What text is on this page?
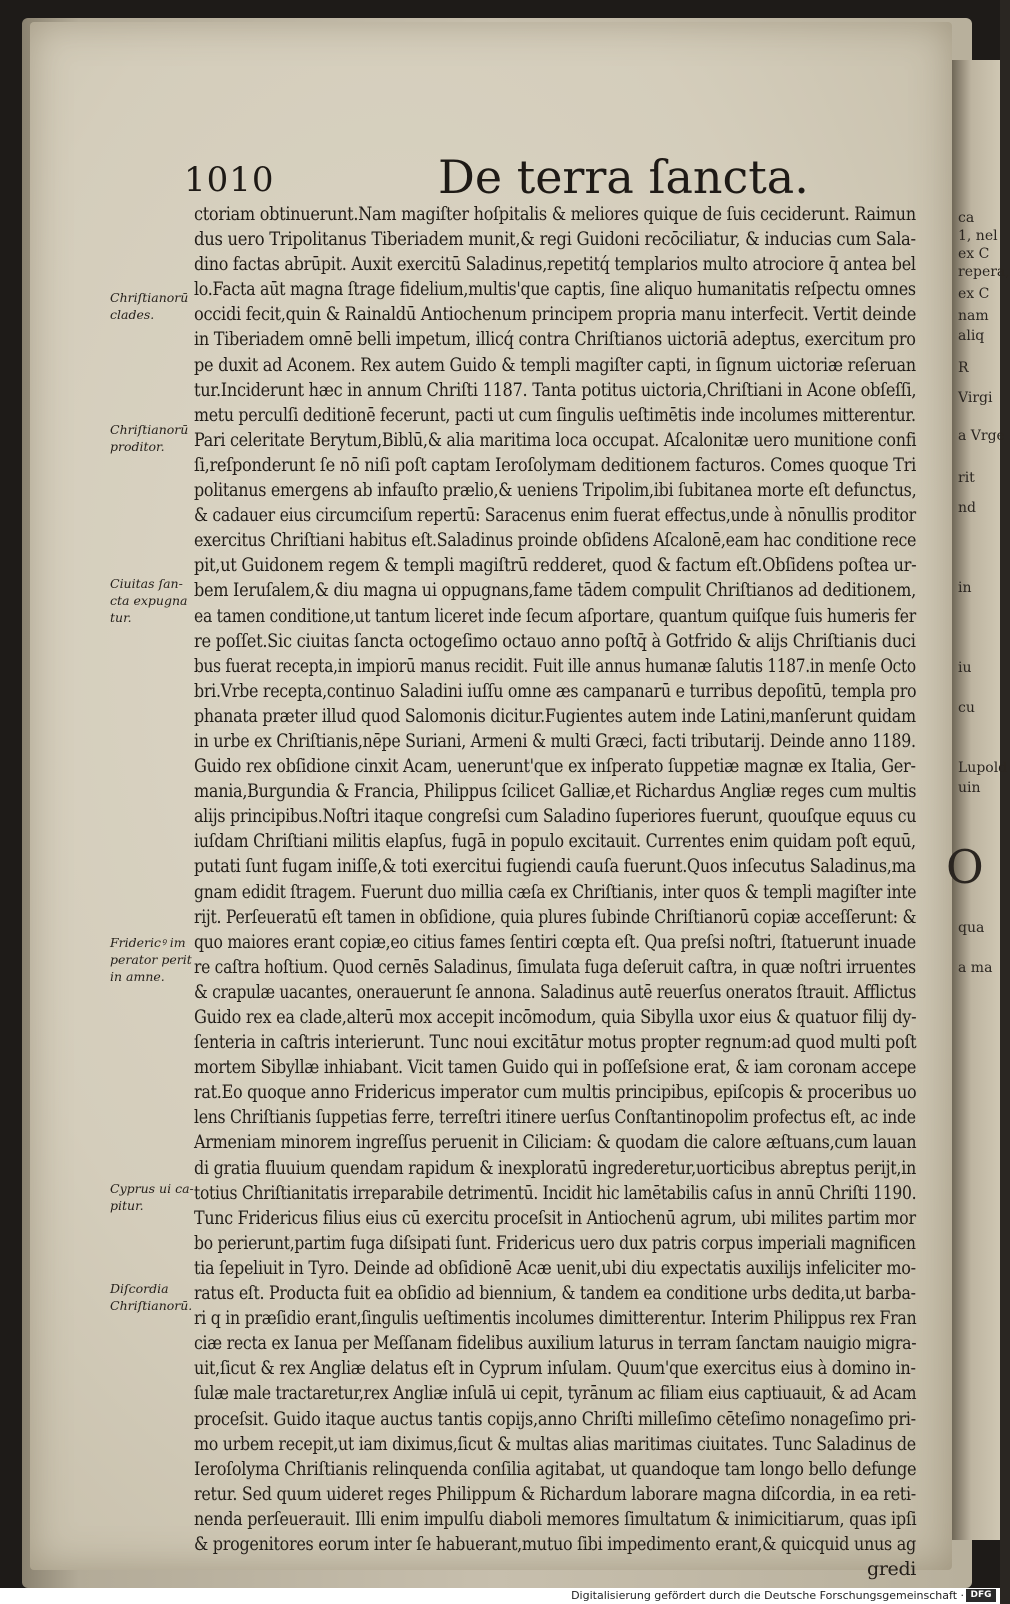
1010	De terra ſancta.
ctoriam obtinuerunt.Nam magiſter hoſpitalis & meliores quique de ſuis ceciderunt. Raimun
dus uero Tripolitanus Tiberiadem munit,& regi Guidoni recōciliatur, & inducias cum Sala-
dino factas abrūpit. Auxit exercitū Saladinus,repetitq́ templarios multo atrociore q̄ antea bel
lo.Facta aūt magna ſtrage fidelium,multis'que captis, ſine aliquo humanitatis reſpectu omnes
occidi fecit,quin & Rainaldū Antiochenum principem propria manu interfecit. Vertit deinde
in Tiberiadem omnē belli impetum, illicq́ contra Chriſtianos uictoriā adeptus, exercitum pro
pe duxit ad Aconem. Rex autem Guido & templi magiſter capti, in ſignum uictoriæ reſeruan
tur.Inciderunt hæc in annum Chriſti 1187. Tanta potitus uictoria,Chriſtiani in Acone obſeſſi,
metu perculſi deditionē fecerunt, pacti ut cum ſingulis ueſtimētis inde incolumes mitterentur.
Pari celeritate Berytum,Biblū,& alia maritima loca occupat. Aſcalonitæ uero munitione confi
ſi,reſponderunt ſe nō niſi poſt captam Ieroſolymam deditionem facturos. Comes quoque Tri
politanus emergens ab infauſto prælio,& ueniens Tripolim,ibi ſubitanea morte eſt defunctus,
& cadauer eius circumciſum repertū: Saracenus enim fuerat effectus,unde à nōnullis proditor
exercitus Chriſtiani habitus eſt.Saladinus proinde obſidens Aſcalonē,eam hac conditione rece
pit,ut Guidonem regem & templi magiſtrū redderet, quod & factum eſt.Obſidens poſtea ur-
bem Ieruſalem,& diu magna ui oppugnans,fame tādem compulit Chriſtianos ad deditionem,
ea tamen conditione,ut tantum liceret inde ſecum aſportare, quantum quiſque ſuis humeris fer
re poſſet.Sic ciuitas ſancta octogeſimo octauo anno poſtq̄ à Gotfrido & alijs Chriſtianis duci
bus fuerat recepta,in impiorū manus recidit. Fuit ille annus humanæ ſalutis 1187.in menſe Octo
bri.Vrbe recepta,continuo Saladini iuſſu omne æs campanarū e turribus depoſitū, templa pro
phanata præter illud quod Salomonis dicitur.Fugientes autem inde Latini,manſerunt quidam
in urbe ex Chriſtianis,nēpe Suriani, Armeni & multi Græci, facti tributarij. Deinde anno 1189.
Guido rex obſidione cinxit Acam, uenerunt'que ex inſperato ſuppetiæ magnæ ex Italia, Ger-
mania,Burgundia & Francia, Philippus ſcilicet Galliæ,et Richardus Angliæ reges cum multis
alijs principibus.Noſtri itaque congreſsi cum Saladino ſuperiores fuerunt, quouſque equus cu
iuſdam Chriſtiani militis elapſus, fugā in populo excitauit. Currentes enim quidam poſt equū,
putati ſunt fugam iniſſe,& toti exercitui fugiendi cauſa fuerunt.Quos inſecutus Saladinus,ma
gnam edidit ſtragem. Fuerunt duo millia cæſa ex Chriſtianis, inter quos & templi magiſter inte
rijt. Perſeueratū eſt tamen in obſidione, quia plures ſubinde Chriſtianorū copiæ acceſſerunt: &
quo maiores erant copiæ,eo citius fames ſentiri cœpta eſt. Qua preſsi noſtri, ſtatuerunt inuade
re caſtra hoſtium. Quod cernēs Saladinus, ſimulata fuga deſeruit caſtra, in quæ noſtri irruentes
& crapulæ uacantes, onerauerunt ſe annona. Saladinus autē reuerſus oneratos ſtrauit. Afflictus
Guido rex ea clade,alterū mox accepit incōmodum, quia Sibylla uxor eius & quatuor filij dy-
ſenteria in caſtris interierunt. Tunc noui excitātur motus propter regnum:ad quod multi poſt
mortem Sibyllæ inhiabant. Vicit tamen Guido qui in poſſeſsione erat, & iam coronam accepe
rat.Eo quoque anno Fridericus imperator cum multis principibus, epiſcopis & proceribus uo
lens Chriſtianis ſuppetias ferre, terreſtri itinere uerſus Conſtantinopolim profectus eſt, ac inde
Armeniam minorem ingreſſus peruenit in Ciliciam: & quodam die calore æſtuans,cum lauan
di gratia fluuium quendam rapidum & inexploratū ingrederetur,uorticibus abreptus perijt,in
totius Chriſtianitatis irreparabile detrimentū. Incidit hic lamētabilis caſus in annū Chriſti 1190.
Tunc Fridericus filius eius cū exercitu proceſsit in Antiochenū agrum, ubi milites partim mor
bo perierunt,partim fuga diſsipati ſunt. Fridericus uero dux patris corpus imperiali magnificen
tia ſepeliuit in Tyro. Deinde ad obſidionē Acæ uenit,ubi diu expectatis auxilijs infeliciter mo-
ratus eſt. Producta fuit ea obſidio ad biennium, & tandem ea conditione urbs dedita,ut barba-
ri q in præſidio erant,ſingulis ueſtimentis incolumes dimitterentur. Interim Philippus rex Fran
ciæ recta ex Ianua per Meſſanam fidelibus auxilium laturus in terram ſanctam nauigio migra-
uit,ſicut & rex Angliæ delatus eſt in Cyprum inſulam. Quum'que exercitus eius à domino in-
ſulæ male tractaretur,rex Angliæ inſulā ui cepit, tyrānum ac filiam eius captiuauit, & ad Acam
proceſsit. Guido itaque auctus tantis copijs,anno Chriſti milleſimo cēteſimo nonageſimo pri-
mo urbem recepit,ut iam diximus,ſicut & multas alias maritimas ciuitates. Tunc Saladinus de
Ieroſolyma Chriſtianis relinquenda conſilia agitabat, ut quandoque tam longo bello defunge
retur. Sed quum uideret reges Philippum & Richardum laborare magna diſcordia, in ea reti-
nenda perſeuerauit. Illi enim impulſu diaboli memores ſimultatum & inimicitiarum, quas ipſi
& progenitores eorum inter ſe habuerant,mutuo ſibi impedimento erant,& quicquid unus ag
gredi
Chriſtianorū clades.
Chriſtianorū proditor.
Ciuitas ſan-cta expugna tur.
Fridericꝰ im perator perit in amne.
Cyprus ui ca- pitur.
Diſcordia Chriſtianorū.
ca
1, nel
ex C
repera,
ex C
nam
aliq
R
Virgi
a Vrge
rit
nd
in
iu
cu
Lupold
uin
qua
a ma
O
Digitalisierung gefördert durch die Deutsche Forschungsgemeinschaft · DFG
